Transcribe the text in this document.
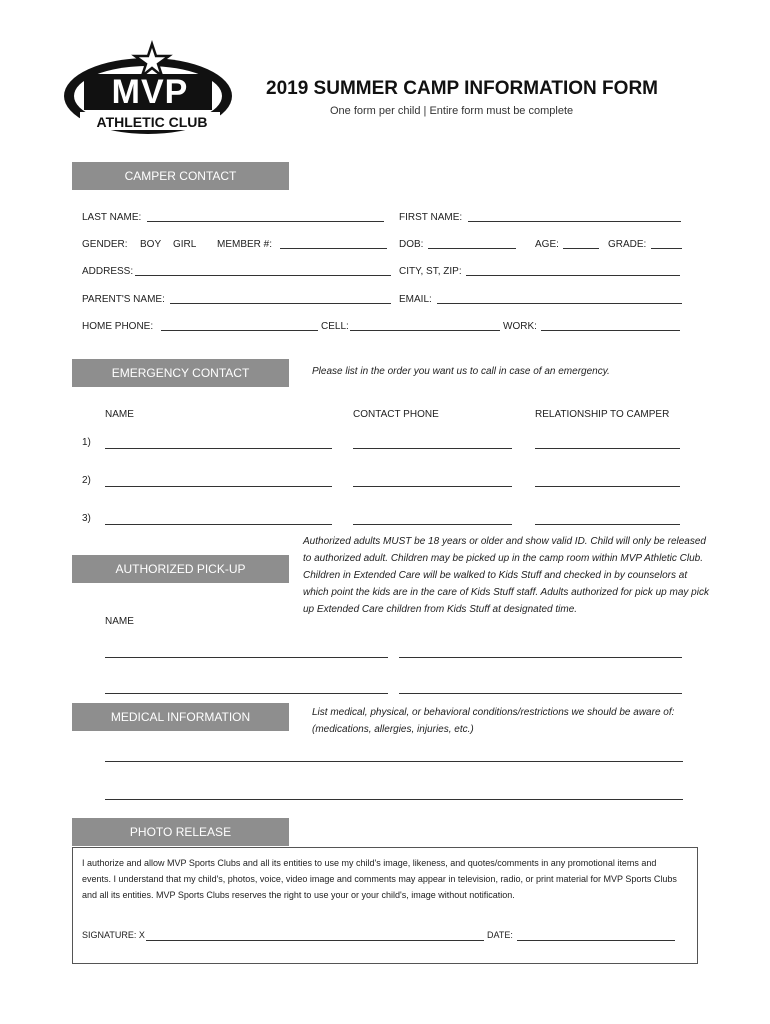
MVP
ATHLETIC CLUB
2019 SUMMER CAMP INFORMATION FORM
One form per child | Entire form must be complete
CAMPER CONTACT
LAST NAME:	FIRST NAME:
GENDER: BOY GIRL MEMBER #:	DOB:	AGE:	GRADE:
ADDRESS:	CITY, ST, ZIP:
PARENT'S NAME:	EMAIL:
HOME PHONE:	CELL:	WORK:
EMERGENCY CONTACT	Please list in the order you want us to call in case of an emergency.
NAME	CONTACT PHONE	RELATIONSHIP TO CAMPER
1)
2)
3)
AUTHORIZED PICK-UP
Authorized adults MUST be 18 years or older and show valid ID. Child will only be released to authorized adult. Children may be picked up in the camp room within MVP Athletic Club. Children in Extended Care will be walked to Kids Stuff and checked in by counselors at which point the kids are in the care of Kids Stuff staff. Adults authorized for pick up may pick up Extended Care children from Kids Stuff at designated time.
NAME
MEDICAL INFORMATION	List medical, physical, or behavioral conditions/restrictions we should be aware of: (medications, allergies, injuries, etc.)
PHOTO RELEASE
I authorize and allow MVP Sports Clubs and all its entities to use my child's image, likeness, and quotes/comments in any promotional items and events. I understand that my child's, photos, voice, video image and comments may appear in television, radio, or print material for MVP Sports Clubs and all its entities. MVP Sports Clubs reserves the right to use your or your child's, image without notification.
SIGNATURE: X	DATE:
